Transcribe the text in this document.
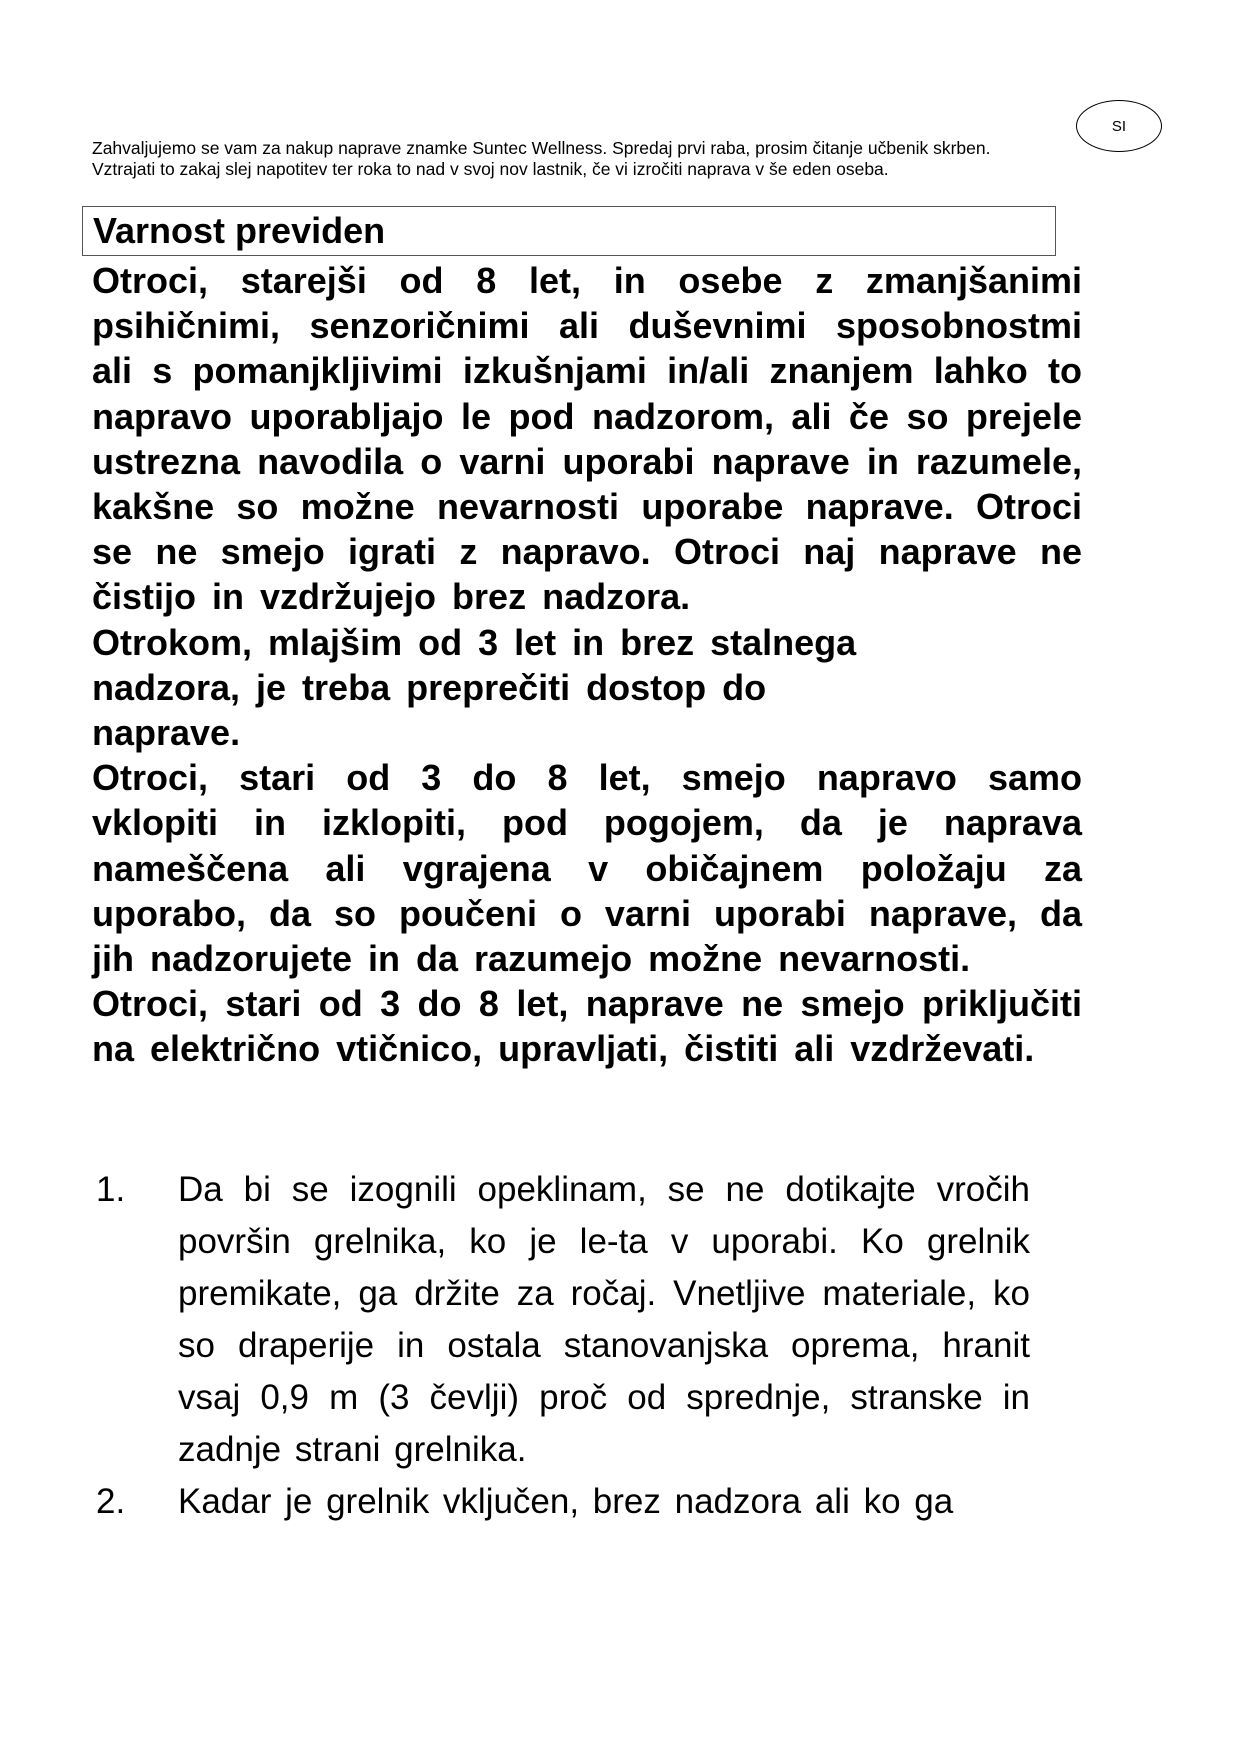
SI
Zahvaljujemo se vam za nakup naprave znamke Suntec Wellness. Spredaj prvi raba, prosim čitanje učbenik skrben. Vztrajati to zakaj slej napotitev ter roka to nad v svoj nov lastnik, če vi izročiti naprava v še eden oseba.
Varnost previden

Otroci, starejši od 8 let, in osebe z zmanjšanimi psihičnimi, senzoričnimi ali duševnimi sposobnostmi ali s pomanjkljivimi izkušnjami in/ali znanjem lahko to napravo uporabljajo le pod nadzorom, ali če so prejele ustrezna navodila o varni uporabi naprave in razumele, kakšne so možne nevarnosti uporabe naprave. Otroci se ne smejo igrati z napravo. Otroci naj naprave ne čistijo in vzdržujejo brez nadzora.

Otrokom, mlajšim od 3 let in brez stalnega nadzora, je treba preprečiti dostop do naprave.

Otroci, stari od 3 do 8 let, smejo napravo samo vklopiti in izklopiti, pod pogojem, da je naprava nameščena ali vgrajena v običajnem položaju za uporabo, da so poučeni o varni uporabi naprave, da jih nadzorujete in da razumejo možne nevarnosti.

Otroci, stari od 3 do 8 let, naprave ne smejo priključiti na električno vtičnico, upravljati, čistiti ali vzdrževati.

1.	Da bi se izognili opeklinam, se ne dotikajte vročih površin grelnika, ko je le-ta v uporabi. Ko grelnik premikate, ga držite za ročaj. Vnetljive materiale, ko so draperije in ostala stanovanjska oprema, hranit vsaj 0,9 m (3 čevlji) proč od sprednje, stranske in zadnje strani grelnika.
2.	Kadar je grelnik vključen, brez nadzora ali ko ga
